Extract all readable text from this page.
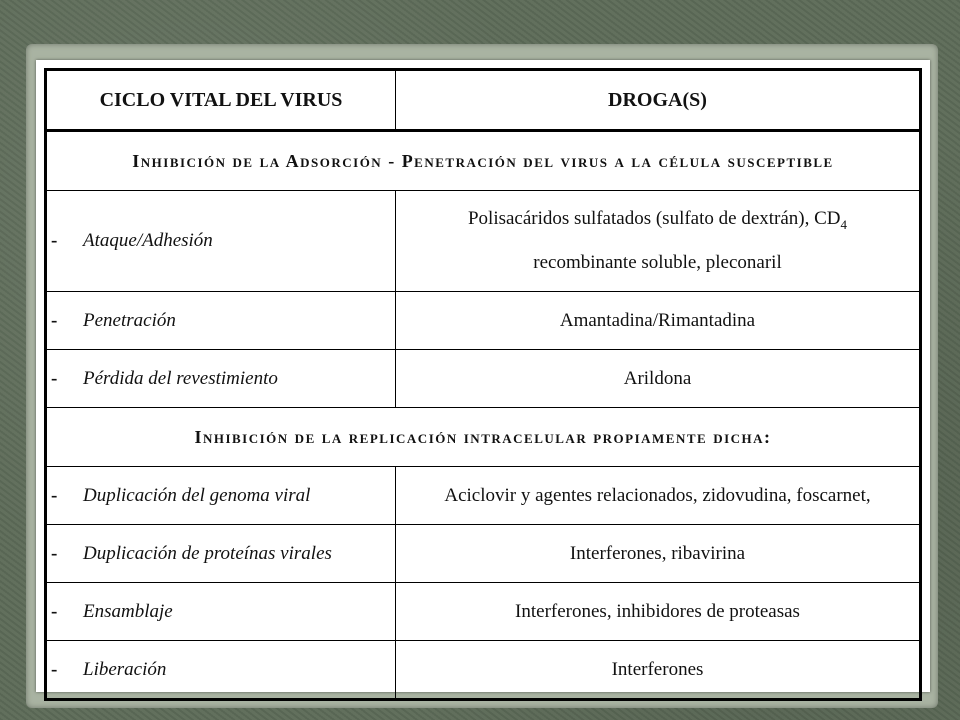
CICLO VITAL DEL VIRUS	DROGA(S)
Inhibición de la Adsorción - Penetración del virus a la célula susceptible	
- Ataque/Adhesión	Polisacáridos sulfatados (sulfato de dextrán), $CD_4$
recombinante soluble, pleconaril
- Penetración	Amantadina/Rimantadina
- Pérdida del revestimiento	Arildona
Inhibición de la replicación intracelular propiamente dicha:	
- Duplicación del genoma viral	Aciclovir y agentes relacionados, zidovudina, foscarnet,
- Duplicación de proteínas virales	Interferones, ribavirina
- Ensamblaje	Interferones, inhibidores de proteasas
- Liberación	Interferones
